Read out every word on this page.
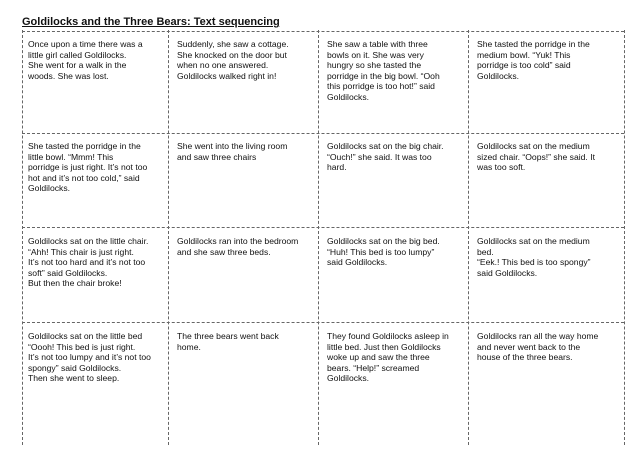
Goldilocks and the Three Bears: Text sequencing
Once upon a time there was a
little girl called Goldilocks.
She went for a walk in the
woods. She was lost.
Suddenly, she saw a cottage.
She knocked on the door but
when no one answered.
Goldilocks walked right in!
She saw a table with three
bowls on it. She was very
hungry so she tasted the
porridge in the big bowl. “Ooh
this porridge is too hot!” said
Goldilocks.
She tasted the porridge in the
medium bowl. “Yuk! This
porridge is too cold” said
Goldilocks.
She tasted the porridge in the
little bowl. “Mmm! This
porridge is just right. It’s not too
hot and it’s not too cold,” said
Goldilocks.
She went into the living room
and saw three chairs
Goldilocks sat on the big chair.
“Ouch!” she said. It was too
hard.
Goldilocks sat on the medium
sized chair. “Oops!” she said. It
was too soft.
Goldilocks sat on the little chair.
“Ahh! This chair is just right.
It’s not too hard and it’s not too
soft” said Goldilocks.
But then the chair broke!
Goldilocks ran into the bedroom
and she saw three beds.
Goldilocks sat on the big bed.
“Huh! This bed is too lumpy”
said Goldilocks.
Goldilocks sat on the medium
bed.
“Eek.! This bed is too spongy”
said Goldilocks.
Goldilocks sat on the little bed
“Oooh! This bed is just right.
It’s not too lumpy and it’s not too
spongy” said Goldilocks.
Then she went to sleep.
The three bears went back
home.
They found Goldilocks asleep in
little bed. Just then Goldilocks
woke up and saw the three
bears. “Help!” screamed
Goldilocks.
Goldilocks ran all the way home
and never went back to the
house of the three bears.
